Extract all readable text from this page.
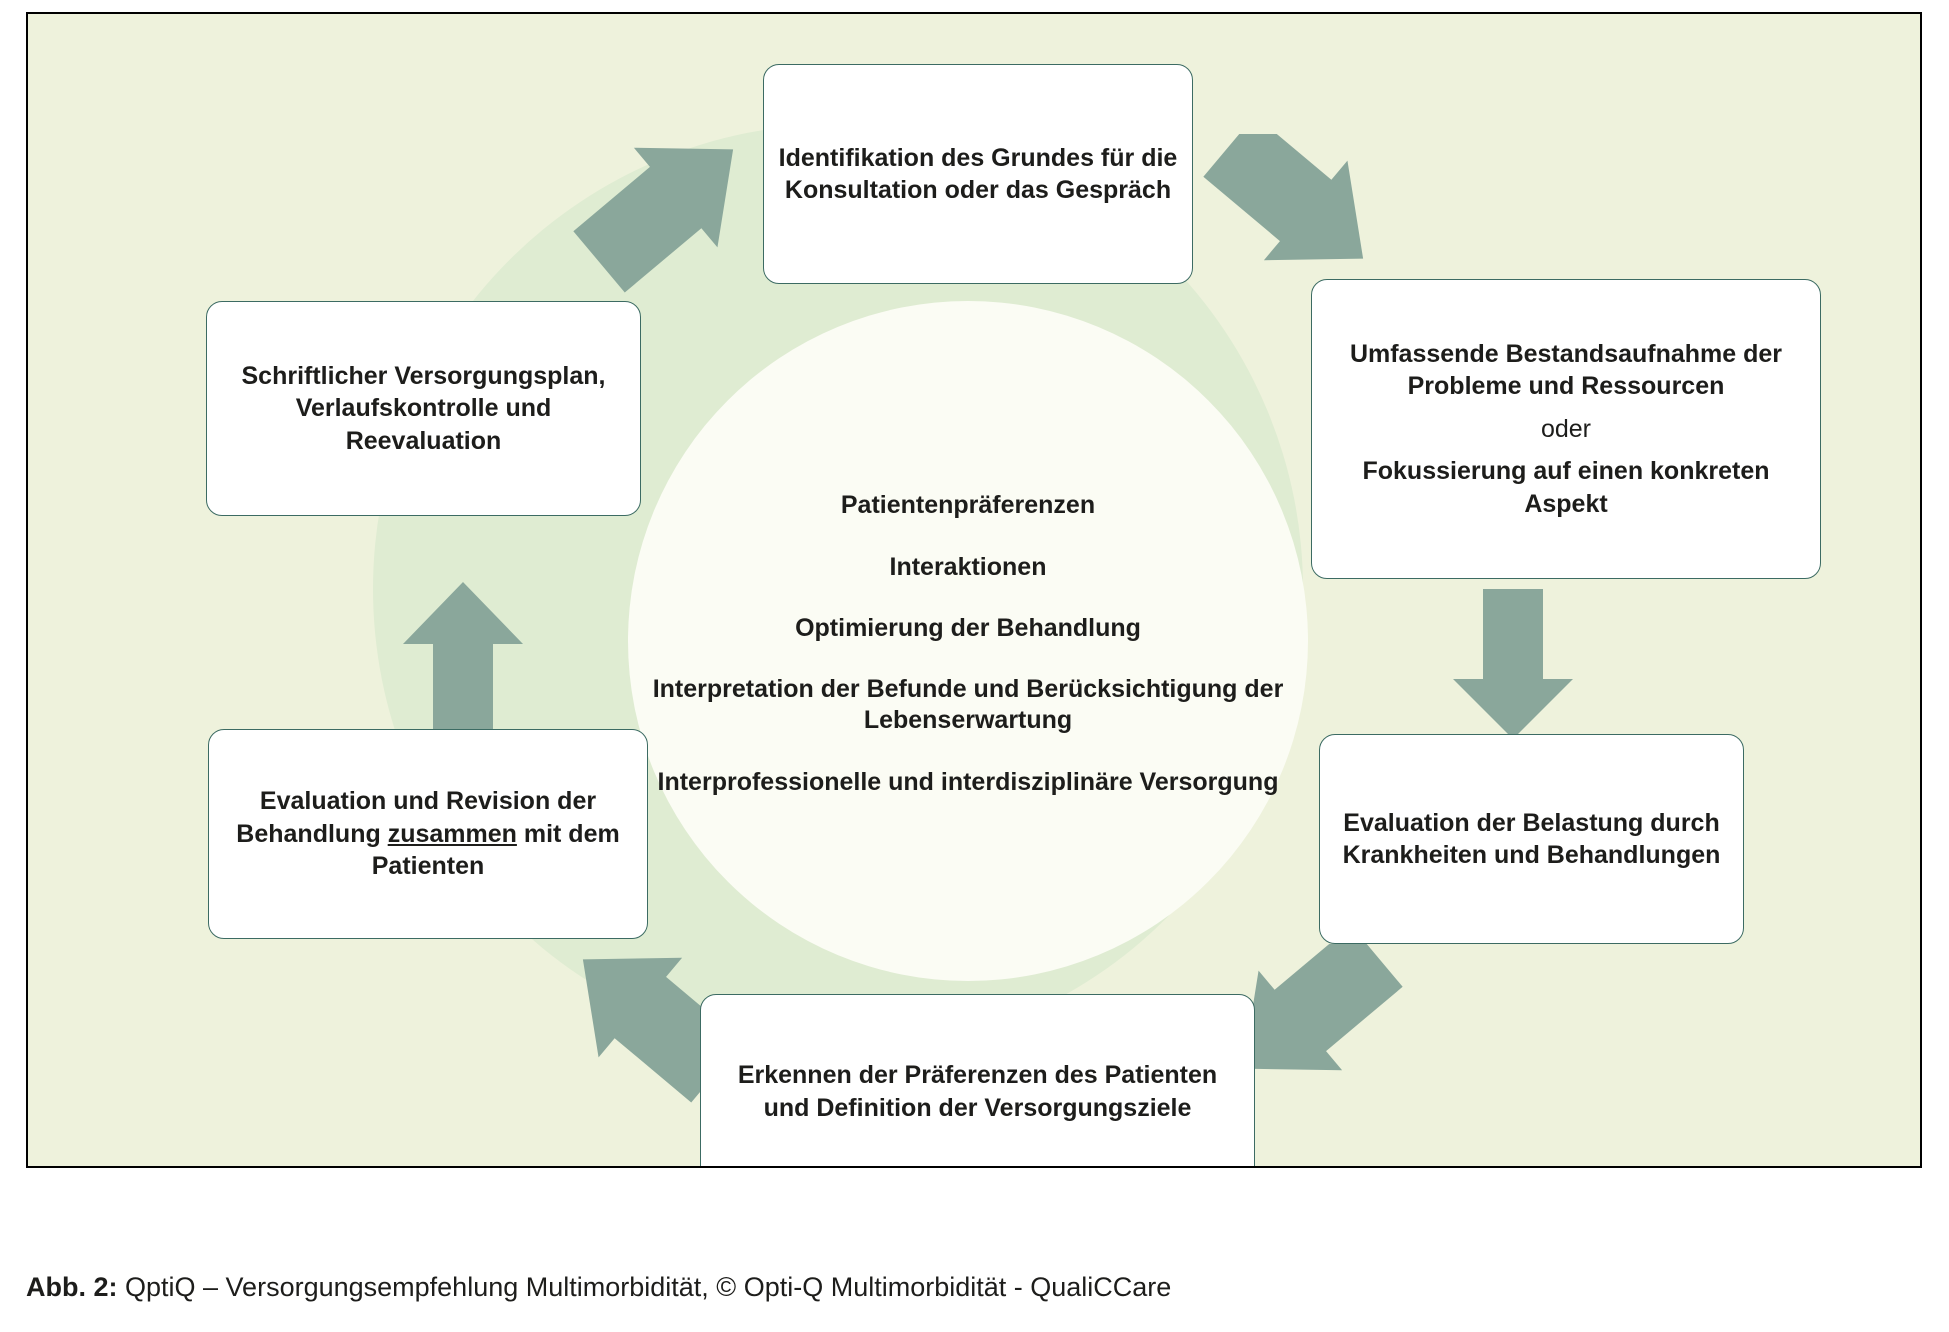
Patientenpräferenzen
Interaktionen
Optimierung der Behandlung
Interpretation der Befunde und Berücksichtigung der Lebenserwartung
Interprofessionelle und interdisziplinäre Versorgung
Identifikation des Grundes für die Konsultation oder das Gespräch
Umfassende Bestandsaufnahme der Probleme und Ressourcen
oder
Fokussierung auf einen konkreten Aspekt
Evaluation der Belastung durch Krankheiten und Behandlungen
Erkennen der Präferenzen des Patienten und Definition der Versorgungsziele
Evaluation und Revision der Behandlung zusammen mit dem Patienten
Schriftlicher Versorgungsplan, Verlaufskontrolle und Reevaluation
Abb. 2: QptiQ – Versorgungsempfehlung Multimorbidität, © Opti-Q Multimorbidität - QualiCCare
